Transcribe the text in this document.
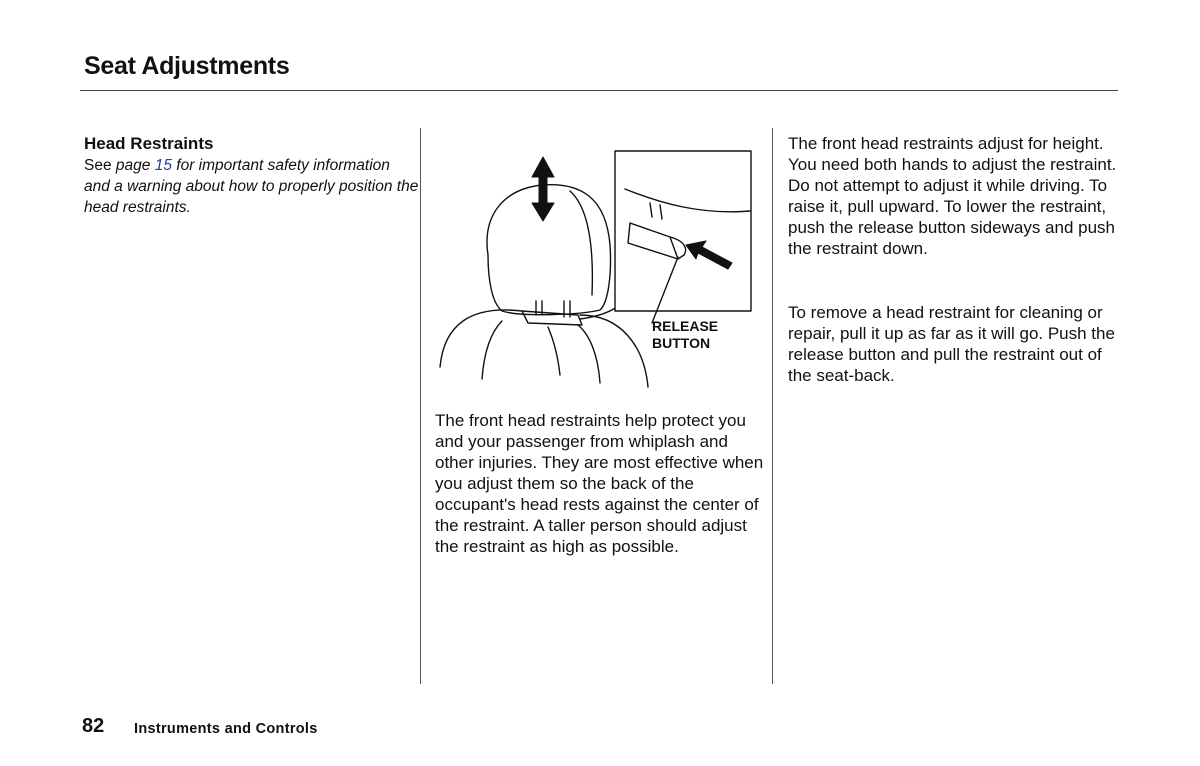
Seat Adjustments
Head Restraints
See page 15 for important safety information and a warning about how to properly position the head restraints.
RELEASE
BUTTON

The front head restraints help protect you and your passenger from whiplash and other injuries. They are most effective when you adjust them so the back of the occupant's head rests against the center of the restraint. A taller person should adjust the restraint as high as possible.

The front head restraints adjust for height. You need both hands to adjust the restraint. Do not attempt to adjust it while driving. To raise it, pull upward. To lower the restraint, push the release button sideways and push the restraint down.

To remove a head restraint for cleaning or repair, pull it up as far as it will go. Push the release button and pull the restraint out of the seat-back.

82 Instruments and Controls
